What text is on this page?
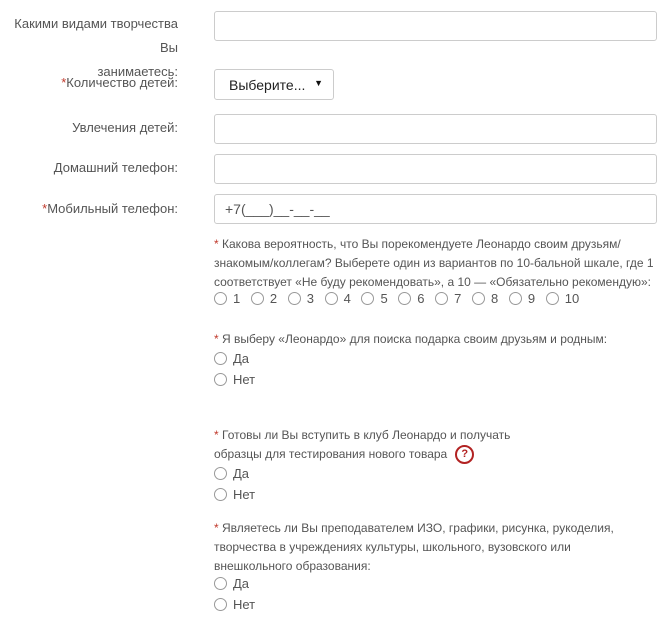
Какими видами творчества Вы
занимаетесь:
*Количество детей:	Выберите... ▼
Увлечения детей:
Домашний телефон:
*Мобильный телефон:	+7(___)__-__-__
* Какова вероятность, что Вы порекомендуете Леонардо своим друзьям/знакомым/коллегам? Выберете один из вариантов по 10-бальной шкале, где 1 соответствует «Не буду рекомендовать», а 10 — «Обязательно рекомендую»:
1 2 3 4 5 6 7 8 9 10
* Я выберу «Леонардо» для поиска подарка своим друзьям и родным:
Да
Нет
* Готовы ли Вы вступить в клуб Леонардо и получать
образцы для тестирования нового товара ?
Да
Нет
* Являетесь ли Вы преподавателем ИЗО, графики, рисунка, рукоделия, творчества в учреждениях культуры, школьного, вузовского или внешкольного образования:
Да
Нет
